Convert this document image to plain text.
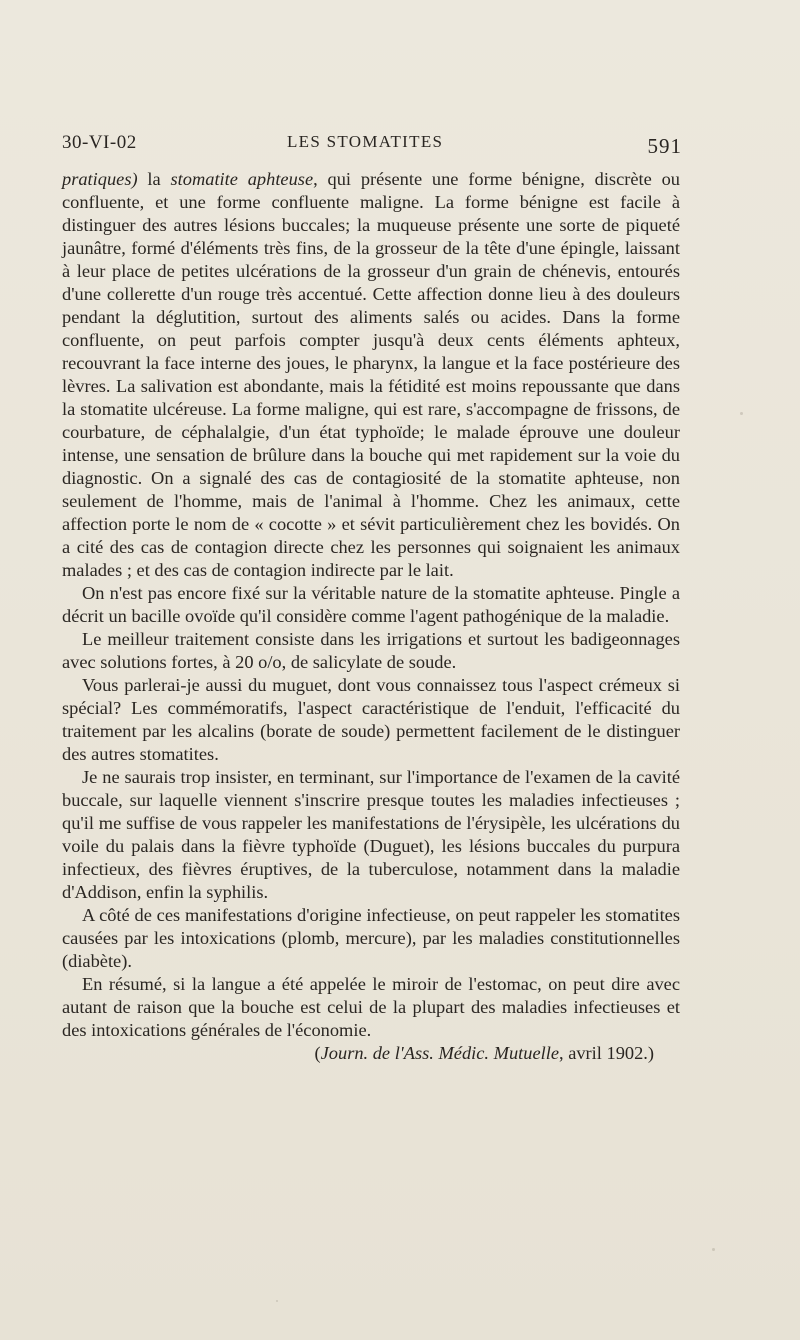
30-VI-02	LES STOMATITES	591

pratiques) la stomatite aphteuse, qui présente une forme bénigne, discrète ou confluente, et une forme confluente maligne. La forme bénigne est facile à distinguer des autres lésions buccales; la muqueuse présente une sorte de piqueté jaunâtre, formé d'éléments très fins, de la grosseur de la tête d'une épingle, laissant à leur place de petites ulcérations de la grosseur d'un grain de chénevis, entourés d'une collerette d'un rouge très accentué. Cette affection donne lieu à des douleurs pendant la déglutition, surtout des aliments salés ou acides. Dans la forme confluente, on peut parfois compter jusqu'à deux cents éléments aphteux, recouvrant la face interne des joues, le pharynx, la langue et la face postérieure des lèvres. La salivation est abondante, mais la fétidité est moins repoussante que dans la stomatite ulcéreuse. La forme maligne, qui est rare, s'accompagne de frissons, de courbature, de céphalalgie, d'un état typhoïde; le malade éprouve une douleur intense, une sensation de brûlure dans la bouche qui met rapidement sur la voie du diagnostic. On a signalé des cas de contagiosité de la stomatite aphteuse, non seulement de l'homme, mais de l'animal à l'homme. Chez les animaux, cette affection porte le nom de « cocotte » et sévit particulièrement chez les bovidés. On a cité des cas de contagion directe chez les personnes qui soignaient les animaux malades ; et des cas de contagion indirecte par le lait.

On n'est pas encore fixé sur la véritable nature de la stomatite aphteuse. Pingle a décrit un bacille ovoïde qu'il considère comme l'agent pathogénique de la maladie.

Le meilleur traitement consiste dans les irrigations et surtout les badigeonnages avec solutions fortes, à 20 o/o, de salicylate de soude.

Vous parlerai-je aussi du muguet, dont vous connaissez tous l'aspect crémeux si spécial? Les commémoratifs, l'aspect caractéristique de l'enduit, l'efficacité du traitement par les alcalins (borate de soude) permettent facilement de le distinguer des autres stomatites.

Je ne saurais trop insister, en terminant, sur l'importance de l'examen de la cavité buccale, sur laquelle viennent s'inscrire presque toutes les maladies infectieuses ; qu'il me suffise de vous rappeler les manifestations de l'érysipèle, les ulcérations du voile du palais dans la fièvre typhoïde (Duguet), les lésions buccales du purpura infectieux, des fièvres éruptives, de la tuberculose, notamment dans la maladie d'Addison, enfin la syphilis.

A côté de ces manifestations d'origine infectieuse, on peut rappeler les stomatites causées par les intoxications (plomb, mercure), par les maladies constitutionnelles (diabète).

En résumé, si la langue a été appelée le miroir de l'estomac, on peut dire avec autant de raison que la bouche est celui de la plupart des maladies infectieuses et des intoxications générales de l'économie.

(Journ. de l'Ass. Médic. Mutuelle, avril 1902.)
